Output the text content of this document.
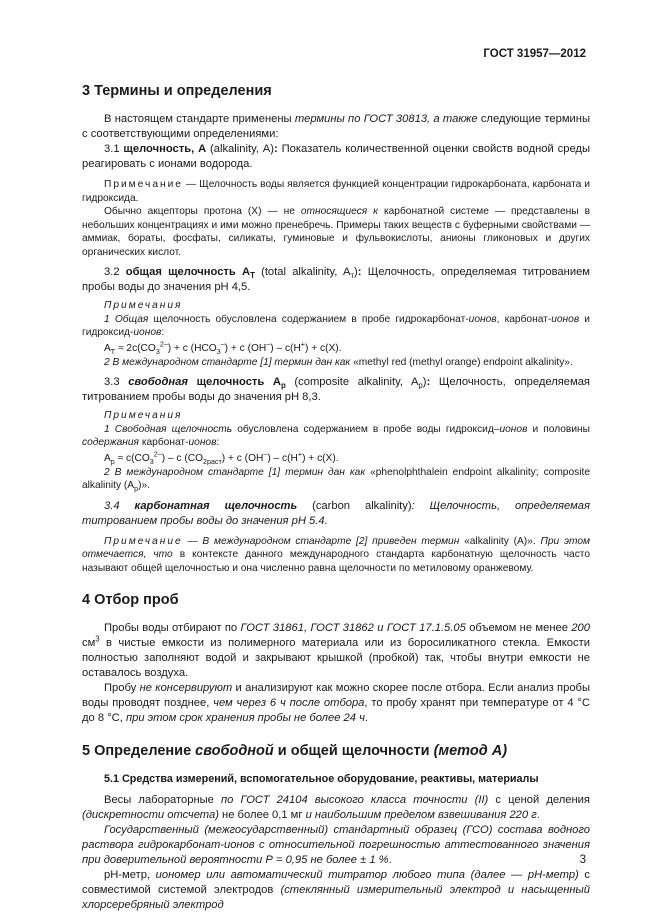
ГОСТ 31957—2012
3 Термины и определения

В настоящем стандарте применены термины по ГОСТ 30813, а также следующие термины с соответствующими определениями:

3.1 щелочность, А (alkalinity, А): Показатель количественной оценки свойств водной среды реагировать с ионами водорода.

Примечание — Щелочность воды является функцией концентрации гидрокарбоната, карбоната и гидроксида.

Обычно акцепторы протона (X) — не относящиеся к карбонатной системе — представлены в небольших концентрациях и ими можно пренебречь. Примеры таких веществ с буферными свойствами — аммиак, бораты, фосфаты, силикаты, гуминовые и фульвокислоты, анионы гликоновых и других органических кислот.

3.2 общая щелочность $А_Т$ (total alkalinity, $A_т$): Щелочность, определяемая титрованием пробы воды до значения pH 4,5.

Примечания

1 Общая щелочность обусловлена содержанием в пробе гидрокарбонат-ионов, карбонат-ионов и гидроксид-ионов:

$А_Т \approx 2c(CO_3^{2-}) + c$ $(HCO_3^-) + c$ (OH–) – c(H+) + c(X).

2 В международном стандарте [1] термин дан как «methyl red (methyl orange) endpoint alkalinity».

3.3 свободная щелочность $А_р$ (composite alkalinity, $A_р$): Щелочность, определяемая титрованием пробы воды до значения pH 8,3.

Примечания

1 Свободная щелочность обусловлена содержанием в пробе воды гидроксид–ионов и половины содержания карбонат-ионов:

$А_р \approx c(CO_3^{2-}) - c$ $(CO_{2раст}) + c$ (OH–) – c(H+) + c(X).

2 В международном стандарте [1] термин дан как «phenolphthalein endpoint alkalinity; composite alkalinity $(A_p)$».

3.4 карбонатная щелочность (carbon alkalinity): Щелочность, определяемая титрованием пробы воды до значения pH 5.4.

Примечание — В международном стандарте [2] приведен термин «alkalinity (A)». При этом отмечается, что в контексте данного международного стандарта карбонатную щелочность часто называют общей щелочностью и она численно равна щелочности по метиловому оранжевому.

4 Отбор проб

Пробы воды отбирают по ГОСТ 31861, ГОСТ 31862 и ГОСТ 17.1.5.05 объемом не менее 200 $см^3$ в чистые емкости из полимерного материала или из боросиликатного стекла. Емкости полностью заполняют водой и закрывают крышкой (пробкой) так, чтобы внутри емкости не оставалось воздуха.

Пробу не консервируют и анализируют как можно скорее после отбора. Если анализ пробы воды проводят позднее, чем через 6 ч после отбора, то пробу хранят при температуре от 4 °С до 8 °С, при этом срок хранения пробы не более 24 ч.

5 Определение свободной и общей щелочности (метод А)

5.1 Средства измерений, вспомогательное оборудование, реактивы, материалы

Весы лабораторные по ГОСТ 24104 высокого класса точности (II) с ценой деления (дискретности отсчета) не более 0,1 мг и наибольшим пределом взвешивания 220 г.

Государственный (межгосударственный) стандартный образец (ГСО) состава водного раствора гидрокарбонат-ионов с относительной погрешностью аттестованного значения при доверительной вероятности Р = 0,95 не более ± 1 %.

pH-метр, иономер или автоматический титратор любого типа (далее — pH-метр) с совместимой системой электродов (стеклянный измерительный электрод и насыщенный хлорсеребряный электрод

3
